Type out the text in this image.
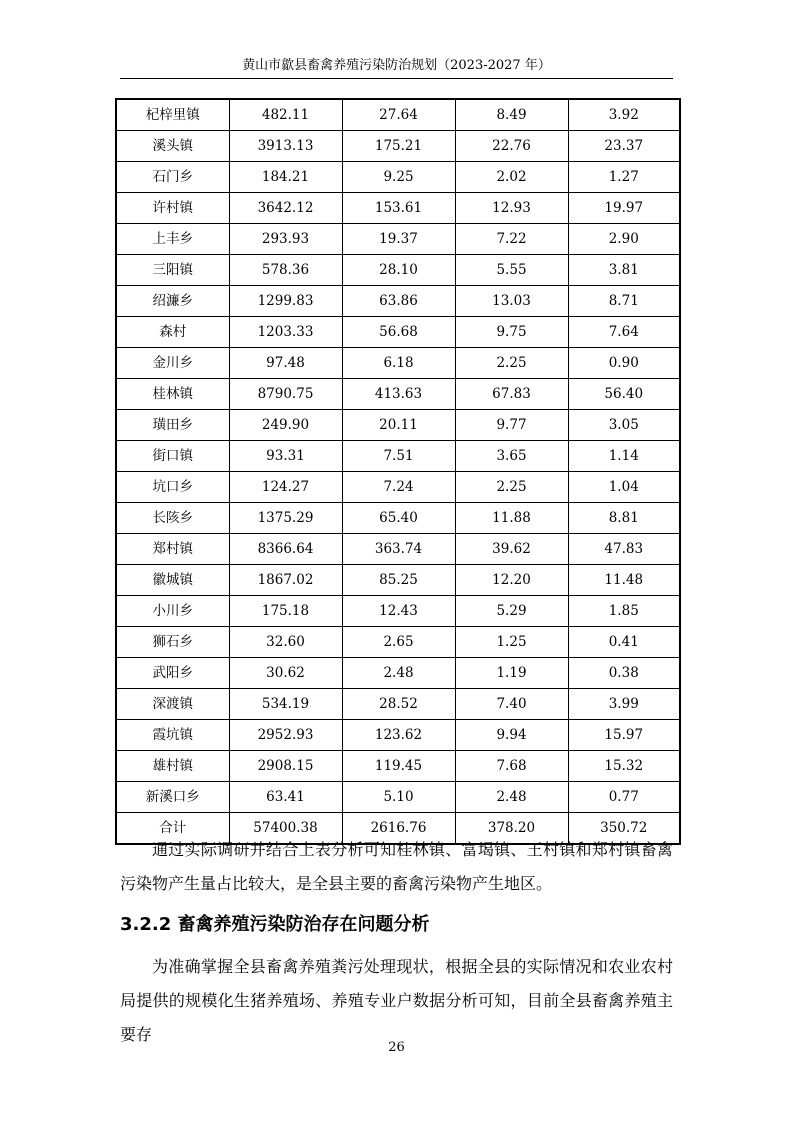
黄山市歙县畜禽养殖污染防治规划（2023-2027 年）
杞梓里镇	482.11	27.64	8.49	3.92
溪头镇	3913.13	175.21	22.76	23.37
石门乡	184.21	9.25	2.02	1.27
许村镇	3642.12	153.61	12.93	19.97
上丰乡	293.93	19.37	7.22	2.90
三阳镇	578.36	28.10	5.55	3.81
绍濂乡	1299.83	63.86	13.03	8.71
森村	1203.33	56.68	9.75	7.64
金川乡	97.48	6.18	2.25	0.90
桂林镇	8790.75	413.63	67.83	56.40
璜田乡	249.90	20.11	9.77	3.05
街口镇	93.31	7.51	3.65	1.14
坑口乡	124.27	7.24	2.25	1.04
长陔乡	1375.29	65.40	11.88	8.81
郑村镇	8366.64	363.74	39.62	47.83
徽城镇	1867.02	85.25	12.20	11.48
小川乡	175.18	12.43	5.29	1.85
狮石乡	32.60	2.65	1.25	0.41
武阳乡	30.62	2.48	1.19	0.38
深渡镇	534.19	28.52	7.40	3.99
霞坑镇	2952.93	123.62	9.94	15.97
雄村镇	2908.15	119.45	7.68	15.32
新溪口乡	63.41	5.10	2.48	0.77
合计	57400.38	2616.76	378.20	350.72

通过实际调研并结合上表分析可知桂林镇、富堨镇、王村镇和郑村镇畜禽污染物产生量占比较大，是全县主要的畜禽污染物产生地区。

3.2.2 畜禽养殖污染防治存在问题分析

为准确掌握全县畜禽养殖粪污处理现状，根据全县的实际情况和农业农村局提供的规模化生猪养殖场、养殖专业户数据分析可知，目前全县畜禽养殖主要存

26
